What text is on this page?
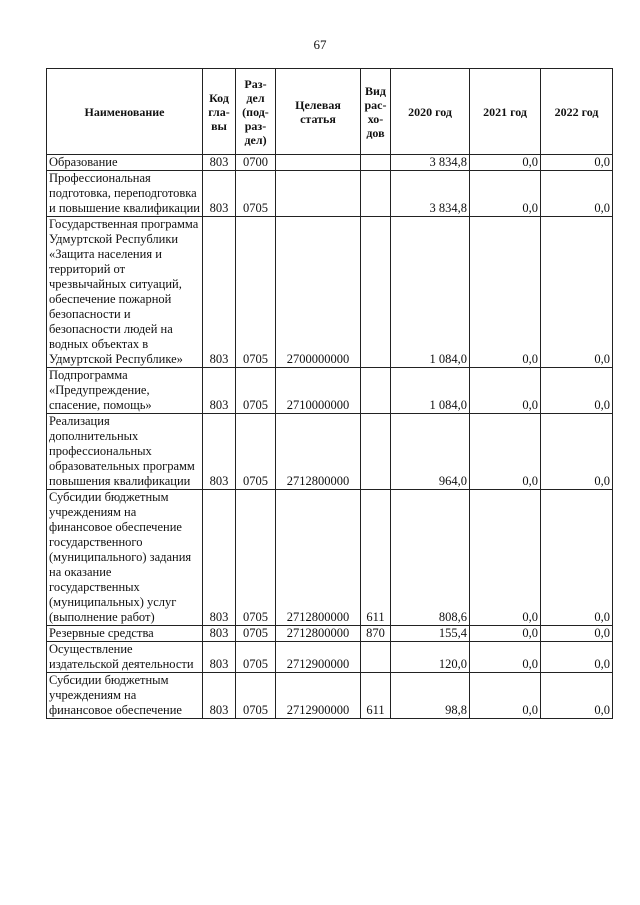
67
Наименование	Код гла-вы	Раз-дел (под-раз-дел)	Целевая статья	Вид рас-хо-дов	2020 год	2021 год	2022 год
Образование	803	0700			3 834,8	0,0	0,0
Профессиональная подготовка, переподготовка и повышение квалификации	803	0705			3 834,8	0,0	0,0
Государственная программа Удмуртской Республики «Защита населения и территорий от чрезвычайных ситуаций, обеспечение пожарной безопасности и безопасности людей на водных объектах в Удмуртской Республике»	803	0705	2700000000		1 084,0	0,0	0,0
Подпрограмма «Предупреждение, спасение, помощь»	803	0705	2710000000		1 084,0	0,0	0,0
Реализация дополнительных профессиональных образовательных программ повышения квалификации	803	0705	2712800000		964,0	0,0	0,0
Субсидии бюджетным учреждениям на финансовое обеспечение государственного (муниципального) задания на оказание государственных (муниципальных) услуг (выполнение работ)	803	0705	2712800000	611	808,6	0,0	0,0
Резервные средства	803	0705	2712800000	870	155,4	0,0	0,0
Осуществление издательской деятельности	803	0705	2712900000		120,0	0,0	0,0
Субсидии бюджетным учреждениям на финансовое обеспечение	803	0705	2712900000	611	98,8	0,0	0,0
